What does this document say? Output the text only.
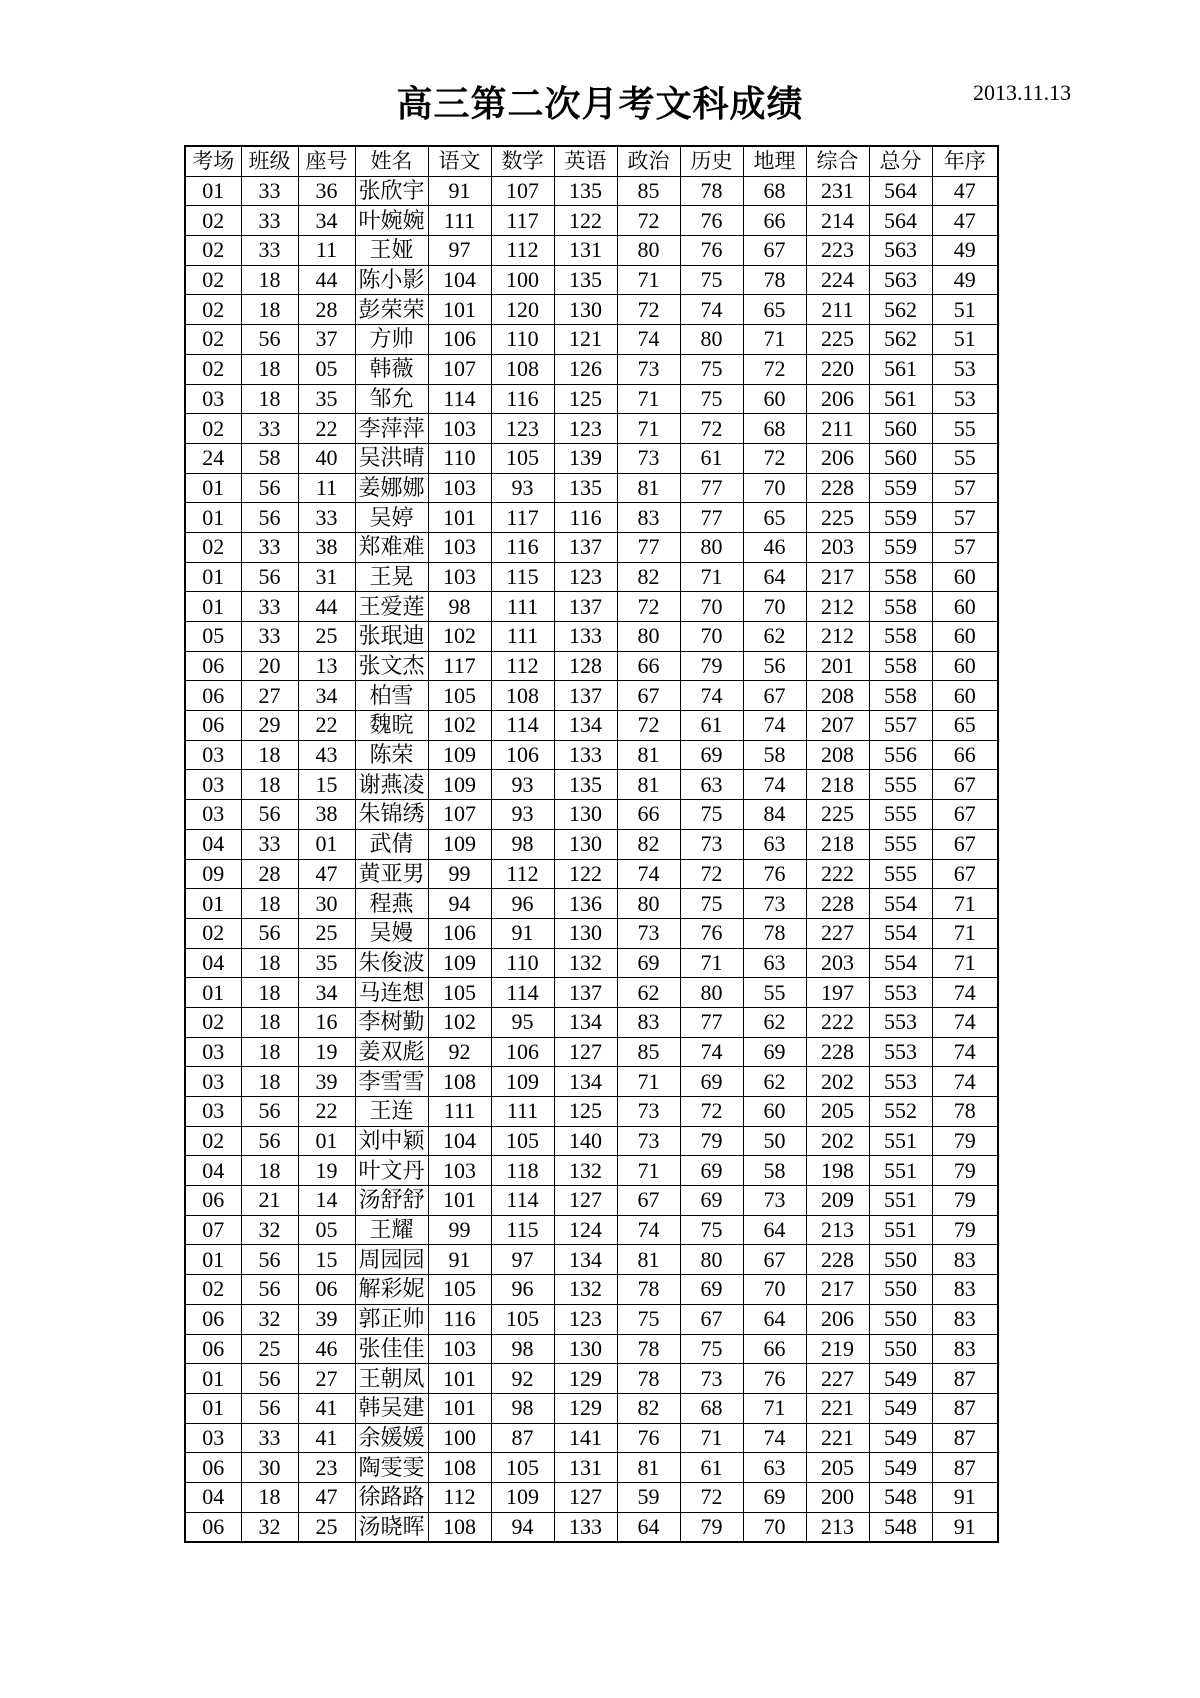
高三第二次月考文科成绩	2013.11.13
考场	班级	座号	姓名	语文	数学	英语	政治	历史	地理	综合	总分	年序
01	33	36	张欣宇	91	107	135	85	78	68	231	564	47
02	33	34	叶婉婉	111	117	122	72	76	66	214	564	47
02	33	11	王娅	97	112	131	80	76	67	223	563	49
02	18	44	陈小影	104	100	135	71	75	78	224	563	49
02	18	28	彭荣荣	101	120	130	72	74	65	211	562	51
02	56	37	方帅	106	110	121	74	80	71	225	562	51
02	18	05	韩薇	107	108	126	73	75	72	220	561	53
03	18	35	邹允	114	116	125	71	75	60	206	561	53
02	33	22	李萍萍	103	123	123	71	72	68	211	560	55
24	58	40	吴洪晴	110	105	139	73	61	72	206	560	55
01	56	11	姜娜娜	103	93	135	81	77	70	228	559	57
01	56	33	吴婷	101	117	116	83	77	65	225	559	57
02	33	38	郑难难	103	116	137	77	80	46	203	559	57
01	56	31	王晃	103	115	123	82	71	64	217	558	60
01	33	44	王爱莲	98	111	137	72	70	70	212	558	60
05	33	25	张珉迪	102	111	133	80	70	62	212	558	60
06	20	13	张文杰	117	112	128	66	79	56	201	558	60
06	27	34	柏雪	105	108	137	67	74	67	208	558	60
06	29	22	魏晥	102	114	134	72	61	74	207	557	65
03	18	43	陈荣	109	106	133	81	69	58	208	556	66
03	18	15	谢燕凌	109	93	135	81	63	74	218	555	67
03	56	38	朱锦绣	107	93	130	66	75	84	225	555	67
04	33	01	武倩	109	98	130	82	73	63	218	555	67
09	28	47	黄亚男	99	112	122	74	72	76	222	555	67
01	18	30	程燕	94	96	136	80	75	73	228	554	71
02	56	25	吴嫚	106	91	130	73	76	78	227	554	71
04	18	35	朱俊波	109	110	132	69	71	63	203	554	71
01	18	34	马连想	105	114	137	62	80	55	197	553	74
02	18	16	李树勤	102	95	134	83	77	62	222	553	74
03	18	19	姜双彪	92	106	127	85	74	69	228	553	74
03	18	39	李雪雪	108	109	134	71	69	62	202	553	74
03	56	22	王连	111	111	125	73	72	60	205	552	78
02	56	01	刘中颖	104	105	140	73	79	50	202	551	79
04	18	19	叶文丹	103	118	132	71	69	58	198	551	79
06	21	14	汤舒舒	101	114	127	67	69	73	209	551	79
07	32	05	王耀	99	115	124	74	75	64	213	551	79
01	56	15	周园园	91	97	134	81	80	67	228	550	83
02	56	06	解彩妮	105	96	132	78	69	70	217	550	83
06	32	39	郭正帅	116	105	123	75	67	64	206	550	83
06	25	46	张佳佳	103	98	130	78	75	66	219	550	83
01	56	27	王朝凤	101	92	129	78	73	76	227	549	87
01	56	41	韩吴建	101	98	129	82	68	71	221	549	87
03	33	41	余媛媛	100	87	141	76	71	74	221	549	87
06	30	23	陶雯雯	108	105	131	81	61	63	205	549	87
04	18	47	徐路路	112	109	127	59	72	69	200	548	91
06	32	25	汤晓晖	108	94	133	64	79	70	213	548	91
